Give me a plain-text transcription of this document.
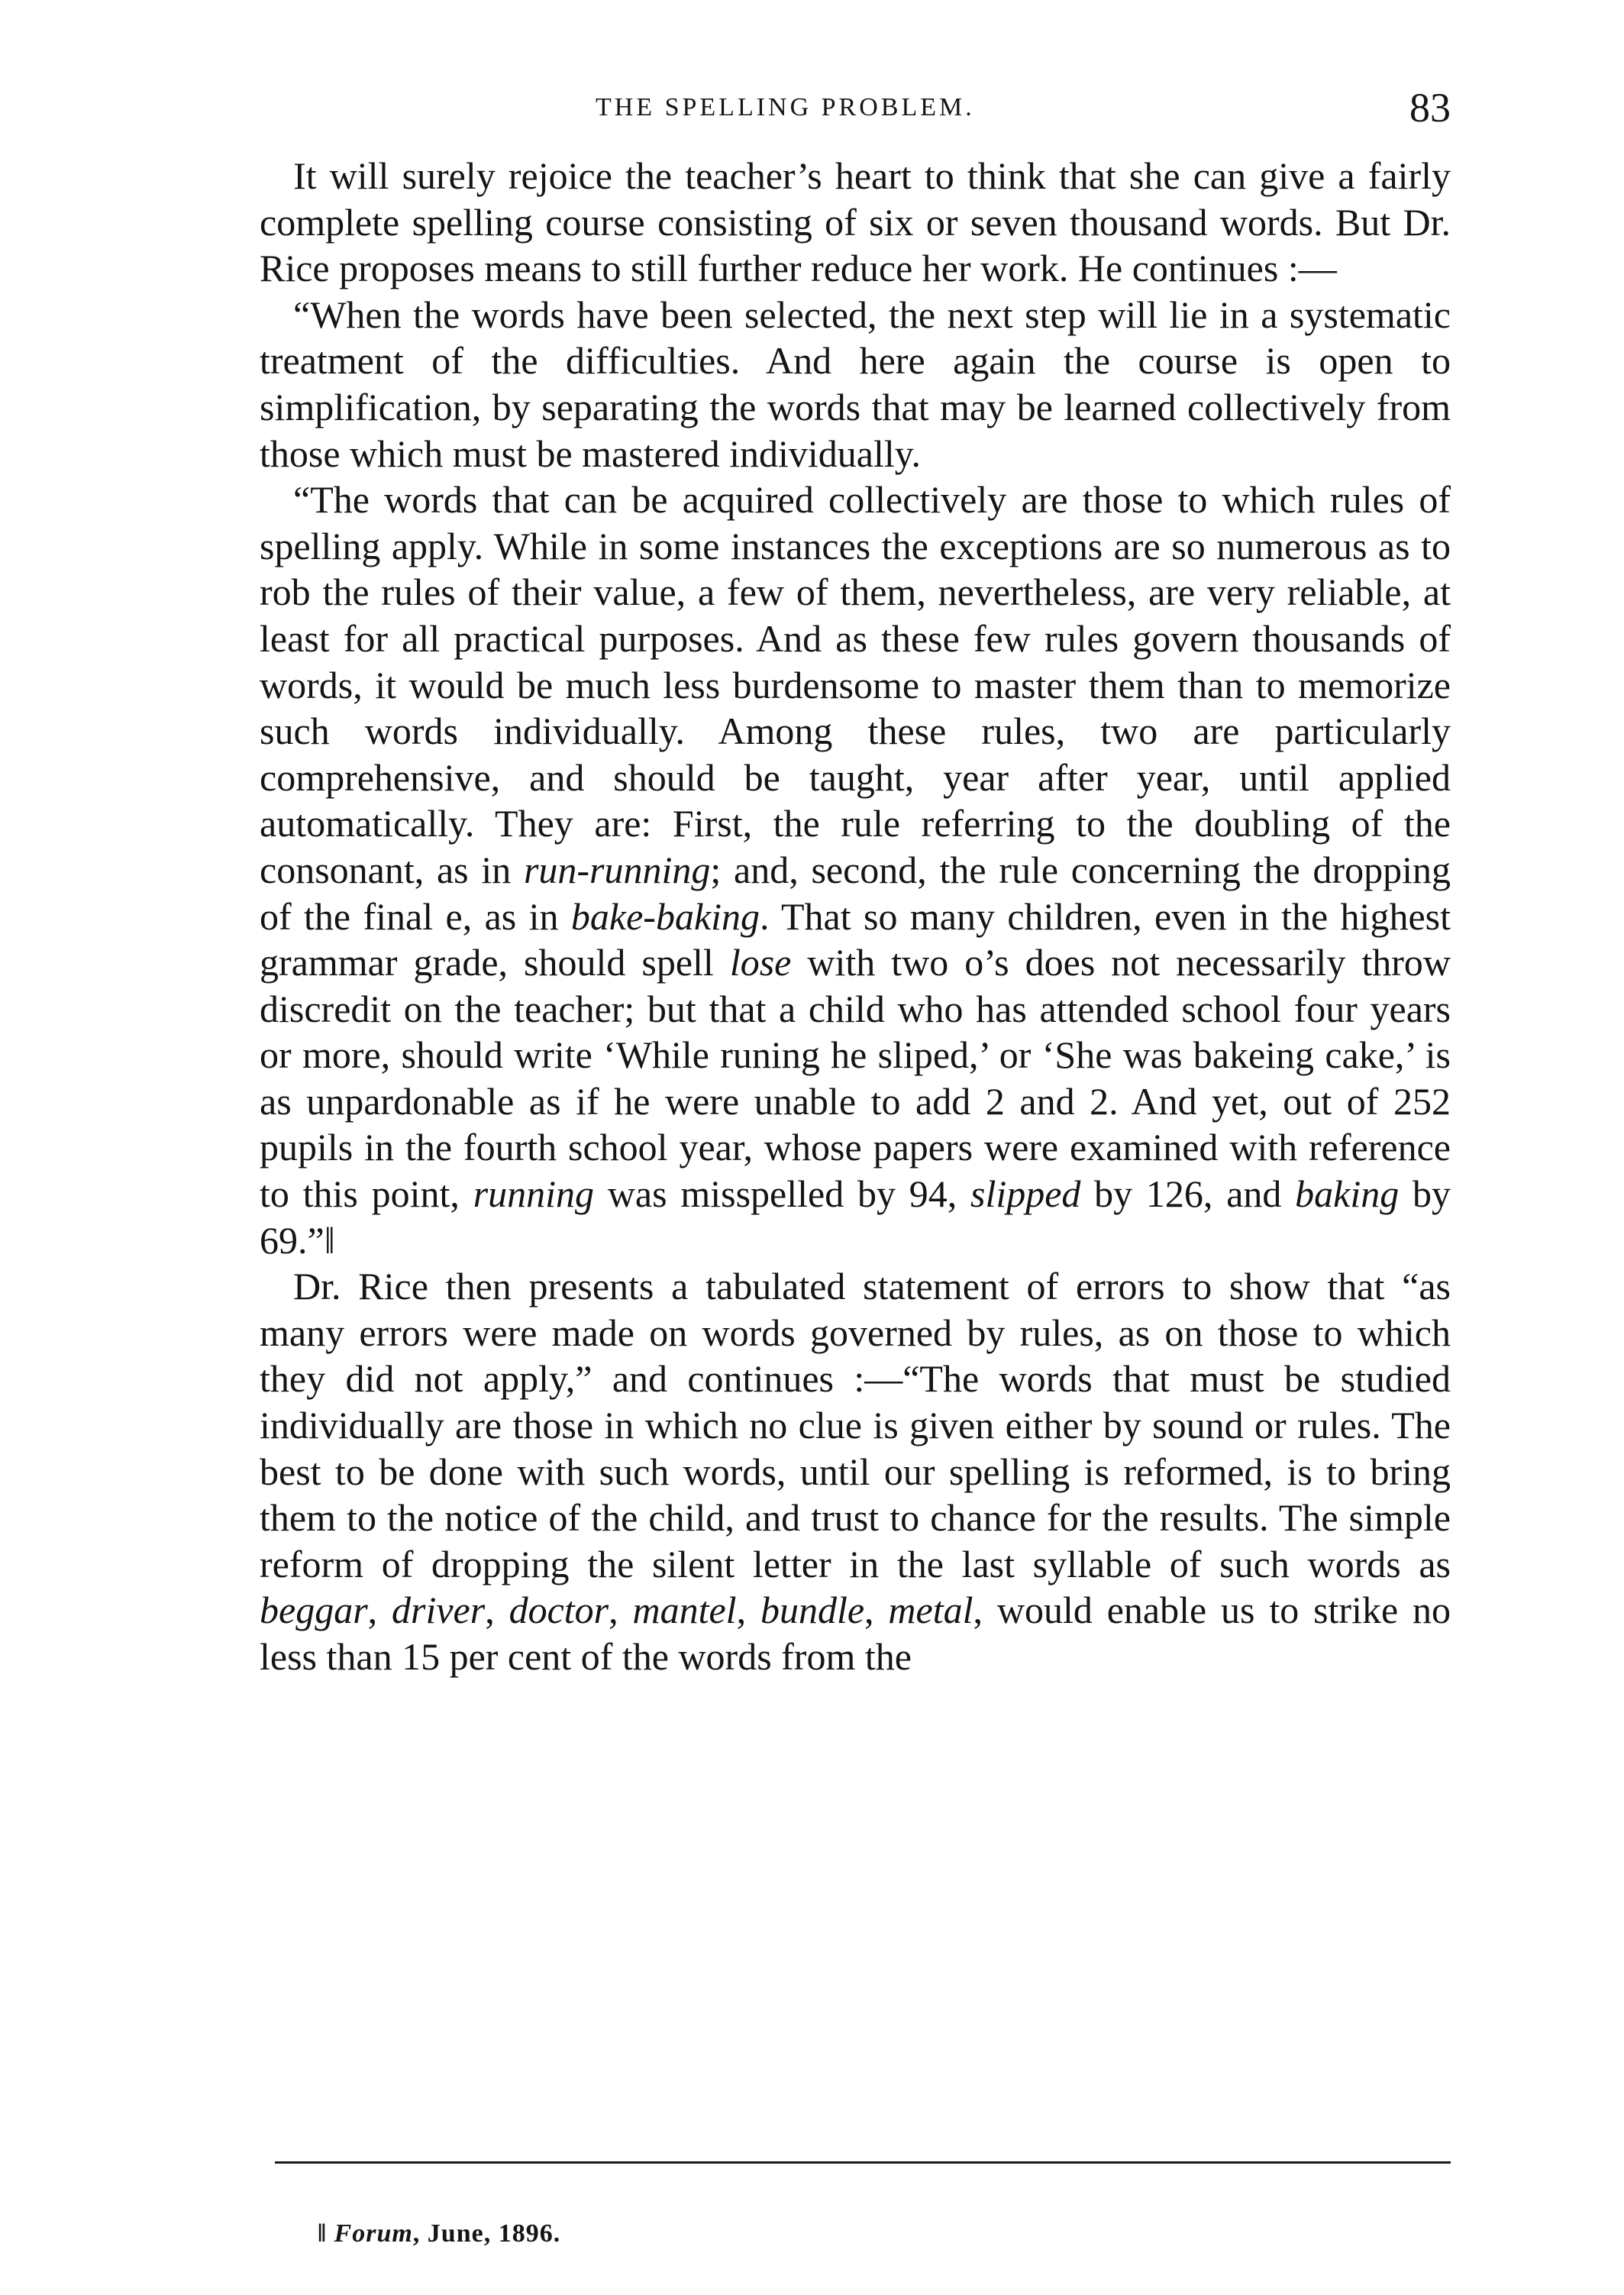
THE SPELLING PROBLEM.	83

It will surely rejoice the teacher’s heart to think that she can give a fairly complete spelling course consisting of six or seven thousand words. But Dr. Rice proposes means to still further reduce her work. He continues :—

“When the words have been selected, the next step will lie in a systematic treatment of the difficulties. And here again the course is open to simplification, by separating the words that may be learned collectively from those which must be mastered individually.

“The words that can be acquired collectively are those to which rules of spelling apply. While in some instances the exceptions are so numerous as to rob the rules of their value, a few of them, nevertheless, are very reliable, at least for all practical purposes. And as these few rules govern thousands of words, it would be much less burdensome to master them than to memorize such words individually. Among these rules, two are particularly comprehensive, and should be taught, year after year, until applied automatically. They are: First, the rule referring to the doubling of the consonant, as in run-running; and, second, the rule concerning the dropping of the final e, as in bake-baking. That so many children, even in the highest grammar grade, should spell lose with two o’s does not necessarily throw discredit on the teacher; but that a child who has attended school four years or more, should write ‘While runing he sliped,’ or ‘She was bakeing cake,’ is as unpardonable as if he were unable to add 2 and 2. And yet, out of 252 pupils in the fourth school year, whose papers were examined with reference to this point, running was misspelled by 94, slipped by 126, and baking by 69.”‖

Dr. Rice then presents a tabulated statement of errors to show that “as many errors were made on words governed by rules, as on those to which they did not apply,” and continues :—“The words that must be studied individually are those in which no clue is given either by sound or rules. The best to be done with such words, until our spelling is reformed, is to bring them to the notice of the child, and trust to chance for the results. The simple reform of dropping the silent letter in the last syllable of such words as beggar, driver, doctor, mantel, bundle, metal, would enable us to strike no less than 15 per cent of the words from the

‖ Forum, June, 1896.
